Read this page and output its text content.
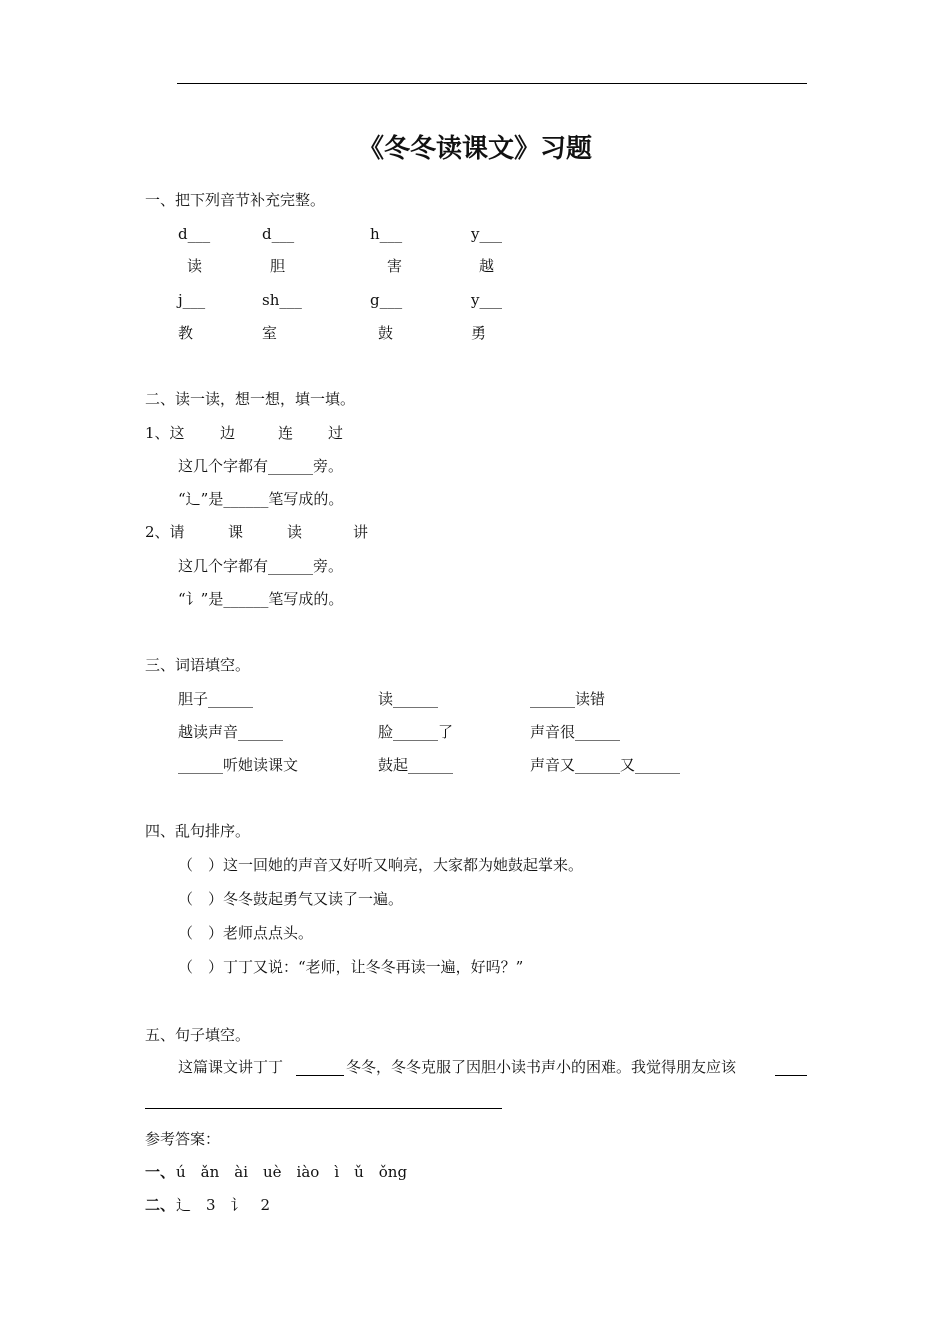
《冬冬读课文》习题
一、把下列音节补充完整。
d___	d___	h___	y___
读	胆	害	越
j___	sh___	g___	y___
教	室	鼓	勇
二、读一读，想一想，填一填。
1、这 边	连 过
这几个字都有______旁。
“辶”是______笔写成的。
2、请	课	读	讲
这几个字都有______旁。
“讠”是______笔写成的。
三、词语填空。
胆子______	读______	______读错
越读声音______	脸______了	声音很______
______听她读课文	鼓起______	声音又______又______
四、乱句排序。
（　）这一回她的声音又好听又响亮，大家都为她鼓起掌来。
（　）冬冬鼓起勇气又读了一遍。
（　）老师点点头。
（　）丁丁又说：“老师，让冬冬再读一遍，好吗？”
五、句子填空。
这篇课文讲丁丁	冬冬，冬冬克服了因胆小读书声小的困难。我觉得朋友应该
参考答案：
一、 ú　ǎn　ài　uè　iào　ì　ǔ　ǒng
二、 辶　3　讠　2
